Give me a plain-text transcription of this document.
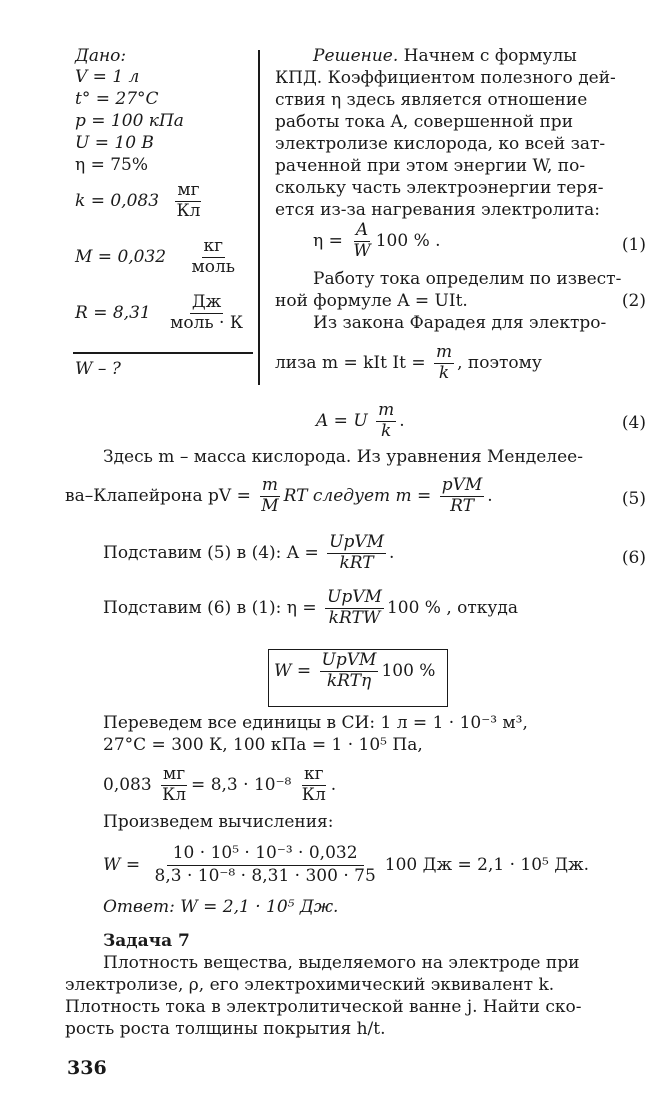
Дано:
V = 1 л
t° = 27°C
p = 100 кПа
U = 10 В
η = 75%
$k = 0,083 \frac{мг}{Кл}$
$M = 0,032 \frac{кг}{\text{моль}}$
$R = 8,31 \frac{Дж}{\text{моль · К}}$
W – ?
Решение. Начнем с формулы
КПД. Коэффициентом полезного дей-
ствия η здесь является отношение
работы тока A, совершенной при
электролизе кислорода, ко всей зат-
раченной при этом энергии W, по-
скольку часть электроэнергии теря-
ется из-за нагревания электролита:
$\eta = \frac{A}{W} 100$ % .	(1)
Работу тока определим по извест-
ной формуле A = UIt.	(2)
Из закона Фарадея для электро-
лиза m = kIt $It = \frac{m}{k}$ , поэтому
A = U $\frac{m}{k}$ .	(4)
Здесь m – масса кислорода. Из уравнения Менделее-
ва–Клапейрона pV = $\frac{m}{M}$ RT следует $m = \frac{\text{pVM}}{RT}$ .	(5)
Подставим (5) в (4): $A = \frac{\text{UpVM}}{\text{kRT}}$ .	(6)
Подставим (6) в (1): $\eta = \frac{\text{UpVM}}{\text{kRTW}} 100$ % , откуда
$W = \frac{\text{UpVM}}{\text{kRTη}} 100$ %
Переведем все единицы в СИ: 1 л = 1 · 10⁻³ м³,
27°C = 300 К, 100 кПа = 1 · 10⁵ Па,
$0,083 \frac{мг}{Кл} = 8,3 \cdot 10^{-8} \frac{кг}{Кл}$ .
Произведем вычисления:
$W = \frac{\text{10 · 10⁵ · 10⁻³ · 0,032}}{\text{8,3 · 10⁻⁸ · 8,31 · 300 · 75}} 100$ Дж = 2,1 · 10⁵ Дж.
Ответ: W = 2,1 · 10⁵ Дж.
Задача 7
Плотность вещества, выделяемого на электроде при
электролизе, ρ, его электрохимический эквивалент k.
Плотность тока в электролитической ванне j. Найти ско-
рость роста толщины покрытия h/t.
336
